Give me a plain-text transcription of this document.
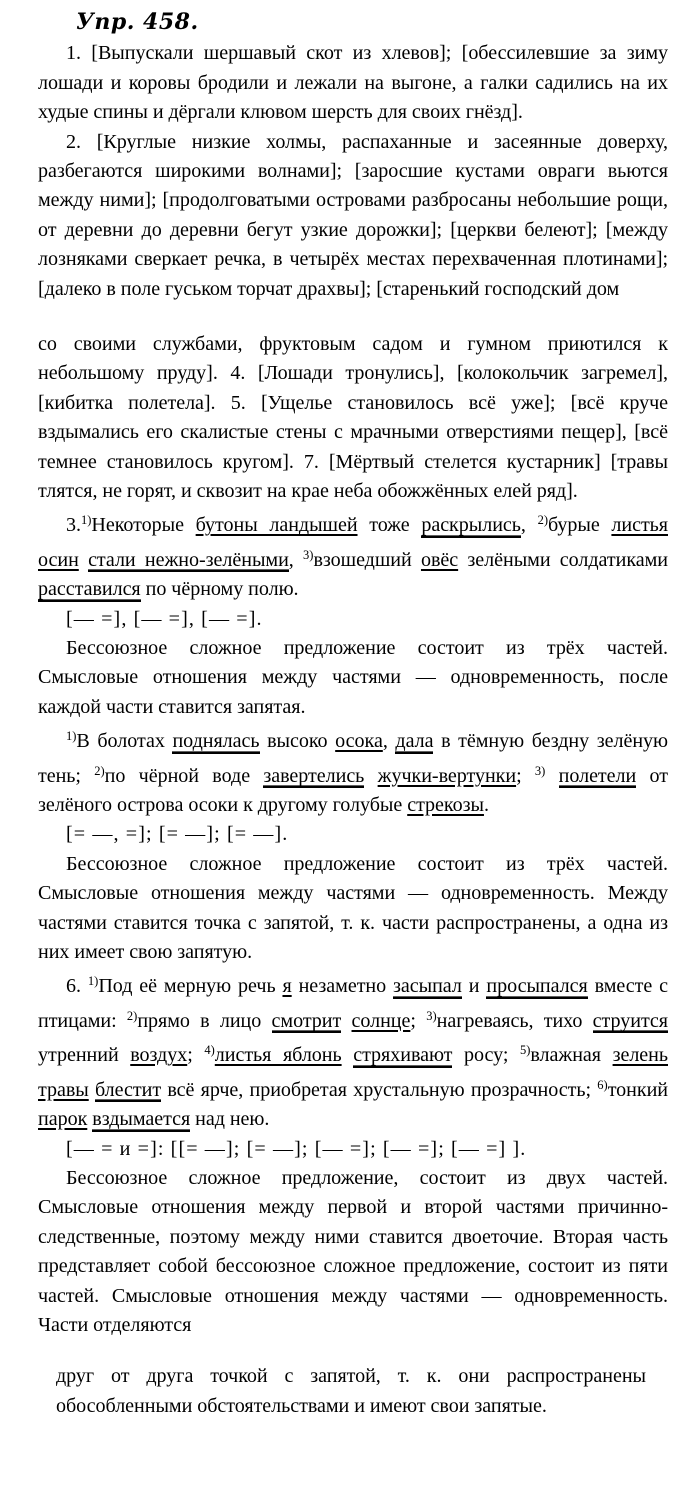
Упр. 458.

1. [Выпускали шершавый скот из хлевов]; [обессилевшие за зиму лошади и коровы бродили и лежали на выгоне, а галки садились на их худые спины и дёргали клювом шерсть для своих гнёзд].

2. [Круглые низкие холмы, распаханные и засеянные доверху, разбегаются широкими волнами]; [заросшие кустами овраги вьются между ними]; [продолговатыми островами разбросаны небольшие рощи, от деревни до деревни бегут узкие дорожки]; [церкви белеют]; [между лозняками сверкает речка, в четырёх местах перехваченная плотинами]; [далеко в поле гуськом торчат драхвы]; [старенький господский дом

со своими службами, фруктовым садом и гумном приютился к небольшому пруду]. 4. [Лошади тронулись], [колокольчик загремел], [кибитка полетела]. 5. [Ущелье становилось всё уже]; [всё круче вздымались его скалистые стены с мрачными отверстиями пещер], [всё темнее становилось кругом]. 7. [Мёртвый стелется кустарник] [травы тлятся, не горят, и сквозит на крае неба обожжённых елей ряд].

3.$^{1)}$Некоторые бутоны ландышей тоже раскрылись, $^{2)}$бурые листья осин стали нежно-зелёными, $^{3)}$взошедший овёс зелёными солдатиками расставился по чёрному полю.

[— =], [— =], [— =].

Бессоюзное сложное предложение состоит из трёх частей. Смысловые отношения между частями — одновременность, после каждой части ставится запятая.

$^{1)}$В болотах поднялась высоко осока, дала в тёмную бездну зелёную тень; $^{2)}$по чёрной воде завертелись жучки-вертунки; $^{3)}$ полетели от зелёного острова осоки к другому голубые стрекозы.

[= —, =]; [= —]; [= —].

Бессоюзное сложное предложение состоит из трёх частей. Смысловые отношения между частями — одновременность. Между частями ставится точка с запятой, т. к. части распространены, а одна из них имеет свою запятую.

6. $^{1)}$Под её мерную речь я незаметно засыпал и просыпался вместе с птицами: $^{2)}$прямо в лицо смотрит солнце; $^{3)}$нагреваясь, тихо струится утренний воздух; $^{4)}$листья яблонь стряхивают росу; $^{5)}$влажная зелень травы блестит всё ярче, приобретая хрустальную прозрачность; $^{6)}$тонкий парок вздымается над нею.

[— = и =]: [[= —]; [= —]; [— =]; [— =]; [— =] ].

Бессоюзное сложное предложение, состоит из двух частей. Смысловые отношения между первой и второй частями причинно-следственные, поэтому между ними ставится двоеточие. Вторая часть представляет собой бессоюзное сложное предложение, состоит из пяти частей. Смысловые отношения между частями — одновременность. Части отделяются

друг от друга точкой с запятой, т. к. они распространены обособленными обстоятельствами и имеют свои запятые.
